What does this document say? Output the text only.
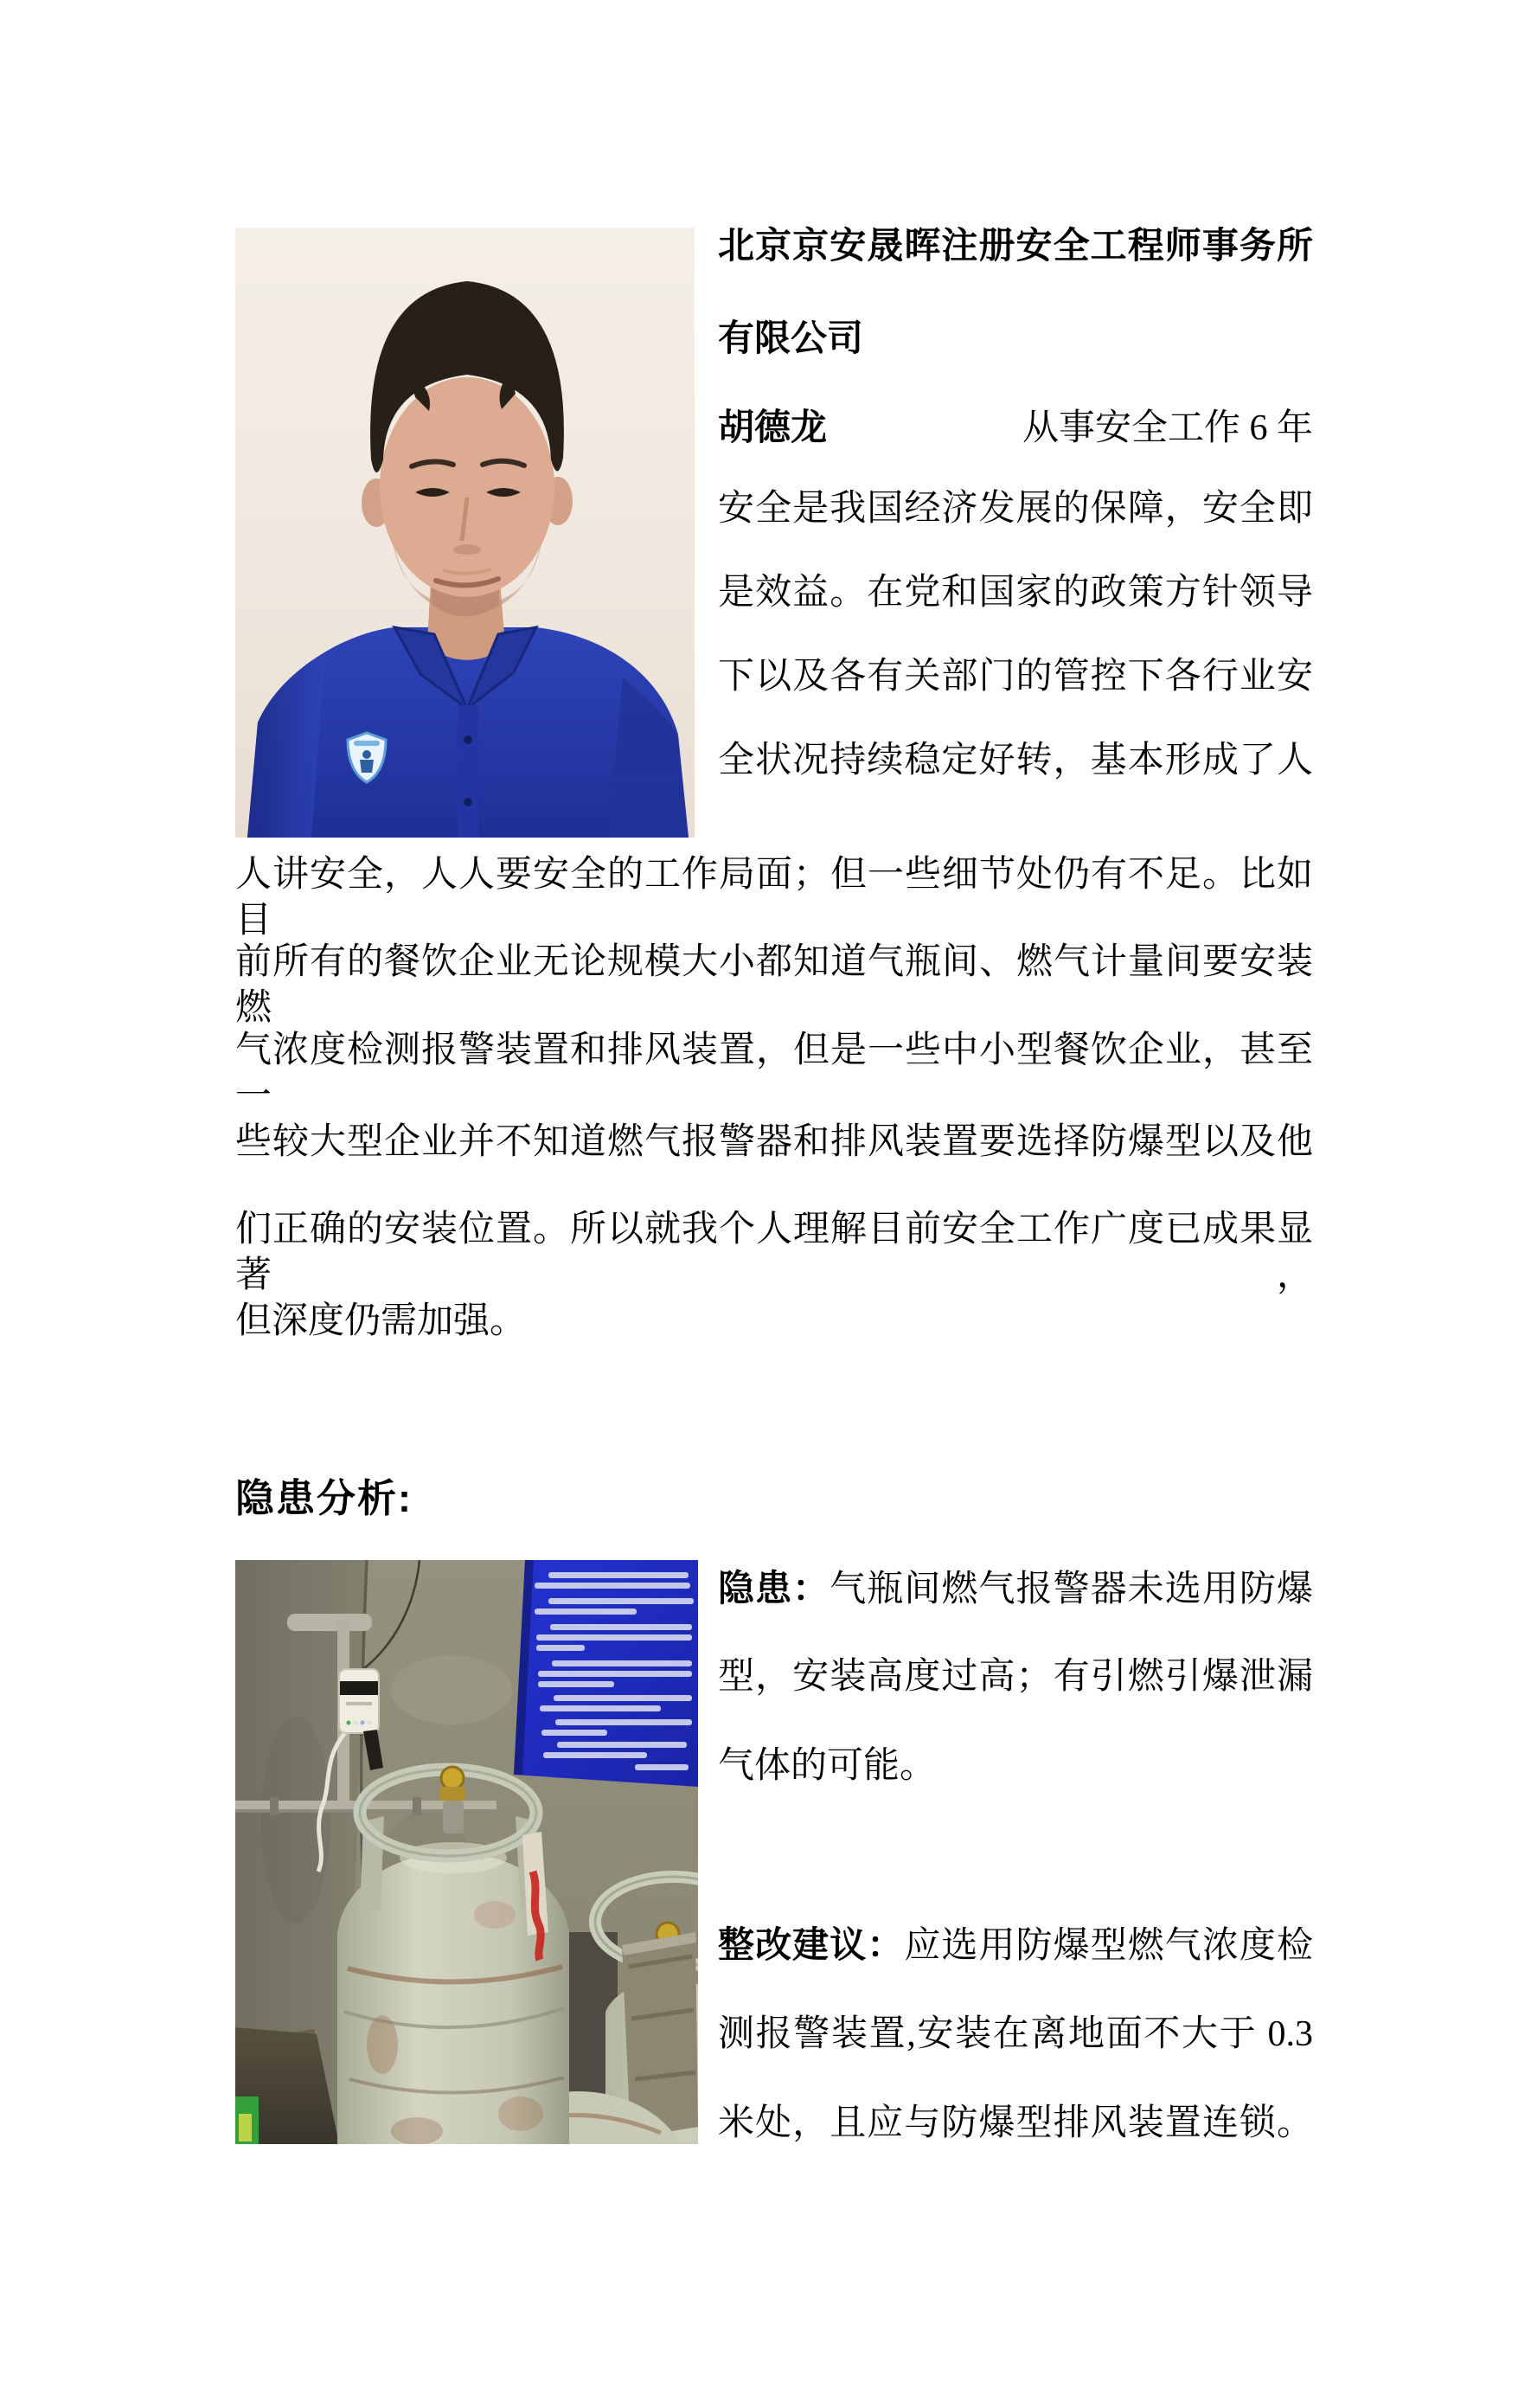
北京京安晟晖注册安全工程师事务所
有限公司
胡德龙	从事安全工作 6 年
安全是我国经济发展的保障，安全即
是效益。在党和国家的政策方针领导
下以及各有关部门的管控下各行业安
全状况持续稳定好转，基本形成了人
人讲安全，人人要安全的工作局面；但一些细节处仍有不足。比如目
前所有的餐饮企业无论规模大小都知道气瓶间、燃气计量间要安装燃
气浓度检测报警装置和排风装置，但是一些中小型餐饮企业，甚至一
些较大型企业并不知道燃气报警器和排风装置要选择防爆型以及他
们正确的安装位置。所以就我个人理解目前安全工作广度已成果显著，
但深度仍需加强。
隐患分析:
隐患：气瓶间燃气报警器未选用防爆
型，安装高度过高；有引燃引爆泄漏
气体的可能。
整改建议：应选用防爆型燃气浓度检
测报警装置,安装在离地面不大于 0.3
米处，且应与防爆型排风装置连锁。
